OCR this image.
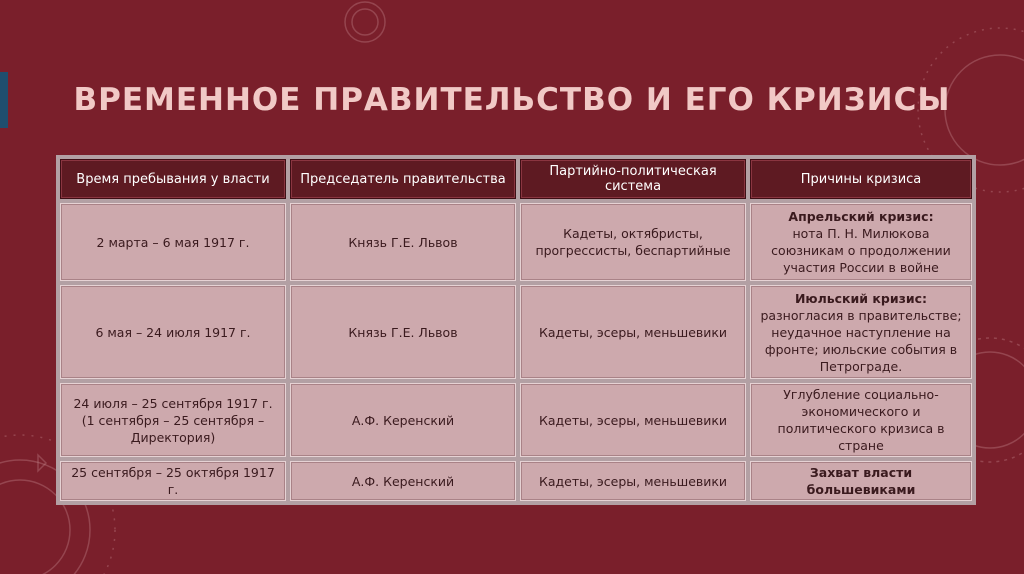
ВРЕМЕННОЕ ПРАВИТЕЛЬСТВО И ЕГО КРИЗИСЫ
Время пребывания у власти	Председатель правительства	Партийно-политическая система	Причины кризиса
2 марта – 6 мая 1917 г.	Князь Г.Е. Львов	Кадеты, октябристы, прогрессисты, беспартийные	Апрельский кризис:
нота П. Н. Милюкова союзникам о продолжении участия России в войне
6 мая – 24 июля 1917 г.	Князь Г.Е. Львов	Кадеты, эсеры, меньшевики	Июльский кризис:
разногласия в правительстве; неудачное наступление на фронте; июльские события в Петрограде.
24 июля – 25 сентября 1917 г. (1 сентября – 25 сентября – Директория)	А.Ф. Керенский	Кадеты, эсеры, меньшевики	Углубление социально-экономического и политического кризиса в стране
25 сентября – 25 октября 1917 г.	А.Ф. Керенский	Кадеты, эсеры, меньшевики	Захват власти большевиками
